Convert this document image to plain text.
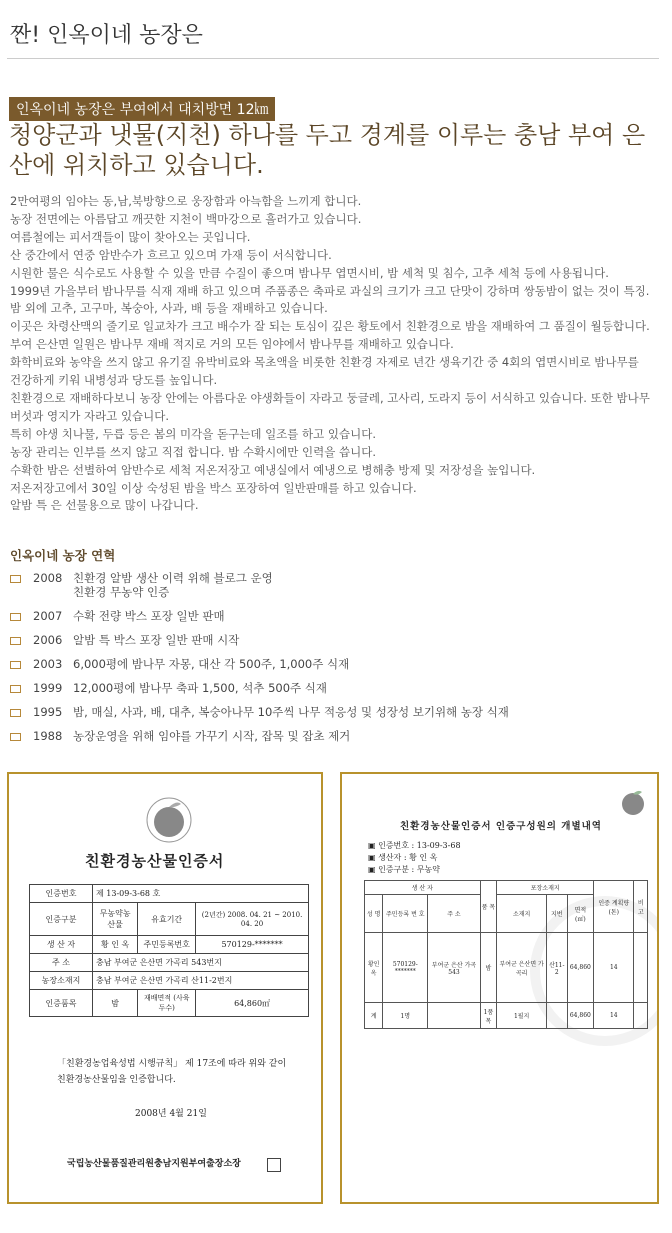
짠! 인옥이네 농장은
인옥이네 농장은 부여에서 대치방면 12㎞
청양군과 냇물(지천) 하나를 두고 경계를 이루는 충남 부여 은산에 위치하고 있습니다.

2만여평의 임야는 동,남,북방향으로 웅장함과 아늑함을 느끼게 합니다.

농장 전면에는 아름답고 깨끗한 지천이 백마강으로 흘러가고 있습니다.

여름철에는 피서객들이 많이 찾아오는 곳입니다.

산 중간에서 연중 암반수가 흐르고 있으며 가재 등이 서식합니다.

시원한 물은 식수로도 사용할 수 있을 만큼 수질이 좋으며 밤나무 엽면시비, 밤 세척 및 침수, 고추 세척 등에 사용됩니다.

1999년 가을부터 밤나무를 식재 재배 하고 있으며 주품종은 축파로 과실의 크기가 크고 단맛이 강하며 쌍동밤이 없는 것이 특징.

밤 외에 고추, 고구마, 복숭아, 사과, 배 등을 재배하고 있습니다.

이곳은 차령산맥의 줄기로 일교차가 크고 배수가 잘 되는 토심이 깊은 황토에서 친환경으로 밤을 재배하여 그 품질이 월등합니다.

부여 은산면 일원은 밤나무 재배 적지로 거의 모든 임야에서 밤나무를 재배하고 있습니다.

화학비료와 농약을 쓰지 않고 유기질 유박비료와 목초액을 비롯한 친환경 자제로 년간 생육기간 중 4회의 엽면시비로 밤나무를

건강하게 키워 내병성과 당도를 높입니다.

친환경으로 재배하다보니 농장 안에는 아름다운 야생화들이 자라고 둥글레, 고사리, 도라지 등이 서식하고 있습니다. 또한 밤나무

버섯과 영지가 자라고 있습니다.

특히 야생 치나물, 두릅 등은 봄의 미각을 돋구는데 일조를 하고 있습니다.

농장 관리는 인부를 쓰지 않고 직접 합니다. 밤 수확시에만 인력을 씁니다.

수확한 밤은 선별하여 암반수로 세척 저온저장고 예냉실에서 예냉으로 병해충 방제 및 저장성을 높입니다.

저온저장고에서 30일 이상 숙성된 밤을 박스 포장하여 일반판매를 하고 있습니다.

알밤 특 은 선물용으로 많이 나갑니다.

인옥이네 농장 연혁
2008 친환경 알밤 생산 이력 위해 블로그 운영
친환경 무농약 인증
2007 수확 전량 박스 포장 일반 판매
2006 알밤 특 박스 포장 일반 판매 시작
2003 6,000평에 밤나무 자몽, 대산 각 500주, 1,000주 식재
1999 12,000평에 밤나무 축파 1,500, 석추 500주 식재
1995 밤, 매실, 사과, 배, 대추, 복숭아나무 10주씩 나무 적응성 및 성장성 보기위해 농장 식재
1988 농장운영을 위해 임야를 가꾸기 시작, 잡목 및 잡초 제거
친환경농산물인증서
인증번호	제 13-09-3-68 호		
인증구분	무농약농산물	유효기간	(2년간) 2008. 04. 21 ~ 2010. 04. 20
생 산 자	황 인 옥	주민등록번호	570129-*******
주 소	충남 부여군 은산면 가곡리 543번지		
농장소재지	충남 부여군 은산면 가곡리 산11-2번지		
인증품목	밤	재배면적 (사육두수)	64,860㎡
「친환경농업육성법 시행규칙」 제 17조에 따라 위와 같이 친환경농산물임을 인증합니다.
2008년 4월 21일
국립농산물품질관리원충남지원부여출장소장
친환경농산물인증서 인증구성원의 개별내역
▣ 인증번호 : 13-09-3-68
▣ 생산자 : 황 인 옥
▣ 인증구분 : 무농약
생 산 자			품 목	포장소재지			인증 계획량 (톤)	비고
성 명	주민등록 번 호	주 소		소재지	지번	면적 (㎡)		
황인옥	570129-*******	부여군 은산 가곡 543	밤	부여군 은산면 가곡리	산11-2	64,860	14	
계	1명		1품목	1필지		64,860	14	
